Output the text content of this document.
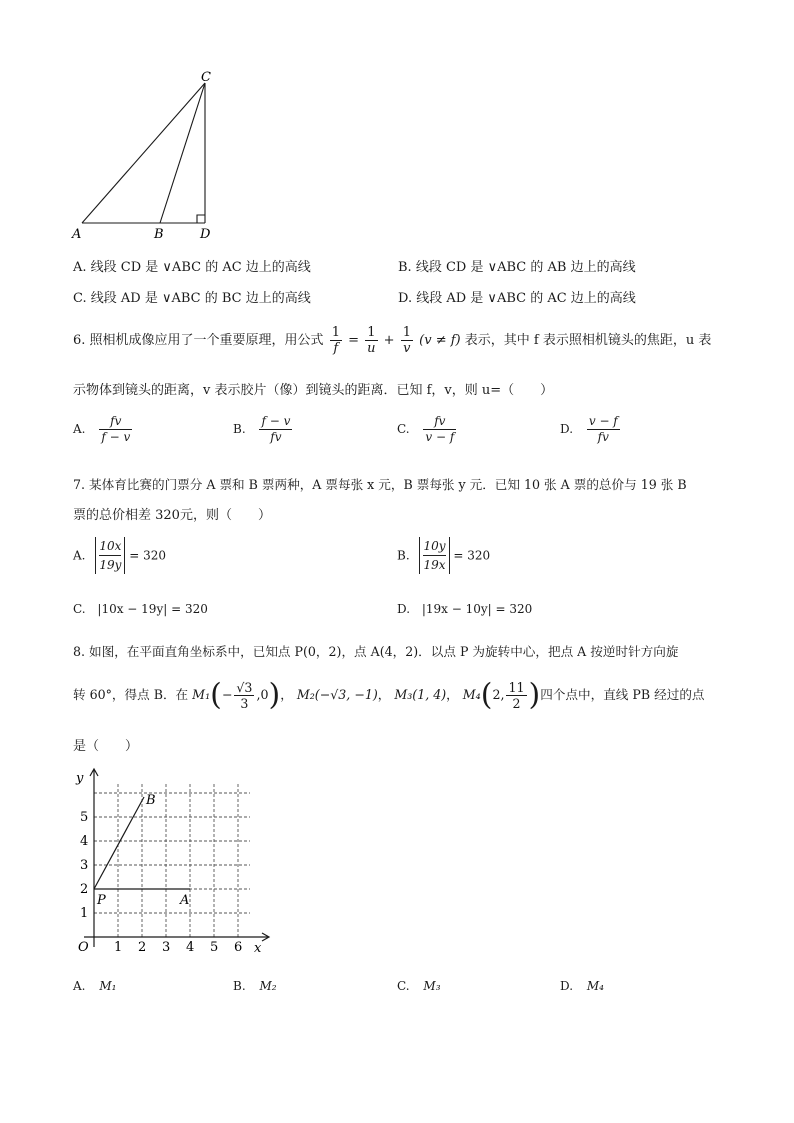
C
A	B	D
A. 线段 CD 是 ∨ABC 的 AC 边上的高线	B. 线段 CD 是 ∨ABC 的 AB 边上的高线
C. 线段 AD 是 ∨ABC 的 BC 边上的高线	D. 线段 AD 是 ∨ABC 的 AC 边上的高线
6. 照相机成像应用了一个重要原理，用公式 $\frac{1}{f} = \frac{1}{u} + \frac{1}{v} (v \ne f)$ 表示，其中 f 表示照相机镜头的焦距，u 表
示物体到镜头的距离，v 表示胶片（像）到镜头的距离．已知 f，v，则 u=（　　）
A. $\frac{fv}{f - v}$	B. $\frac{f - v}{fv}$	C. $\frac{fv}{v - f}$	D. $\frac{v - f}{fv}$
7. 某体育比赛的门票分 A 票和 B 票两种，A 票每张 x 元，B 票每张 y 元．已知 10 张 A 票的总价与 19 张 B
票的总价相差 320元，则（　　）
A. $\frac{10x}{19y} = 320$	B. $\frac{10y}{19x} = 320$
C. |10x − 19y| = 320	D. |19x − 10y| = 320
8. 如图，在平面直角坐标系中，已知点 P(0，2)，点 A(4，2)．以点 P 为旋转中心，把点 A 按逆时针方向旋
转 60°，得点 B．在 $M_1(- \frac{√3}{3} ,0)$， M₂(−√3, −1)， M₃(1, 4)， M₄(2, $\frac{11}{2}$ )四个点中，直线 PB 经过的点
是（　　）
y
x
O 1 2 3 4 5 6
1
2
3
4
5
P	A
B
A. M₁	B. M₂	C. M₃	D. M₄
